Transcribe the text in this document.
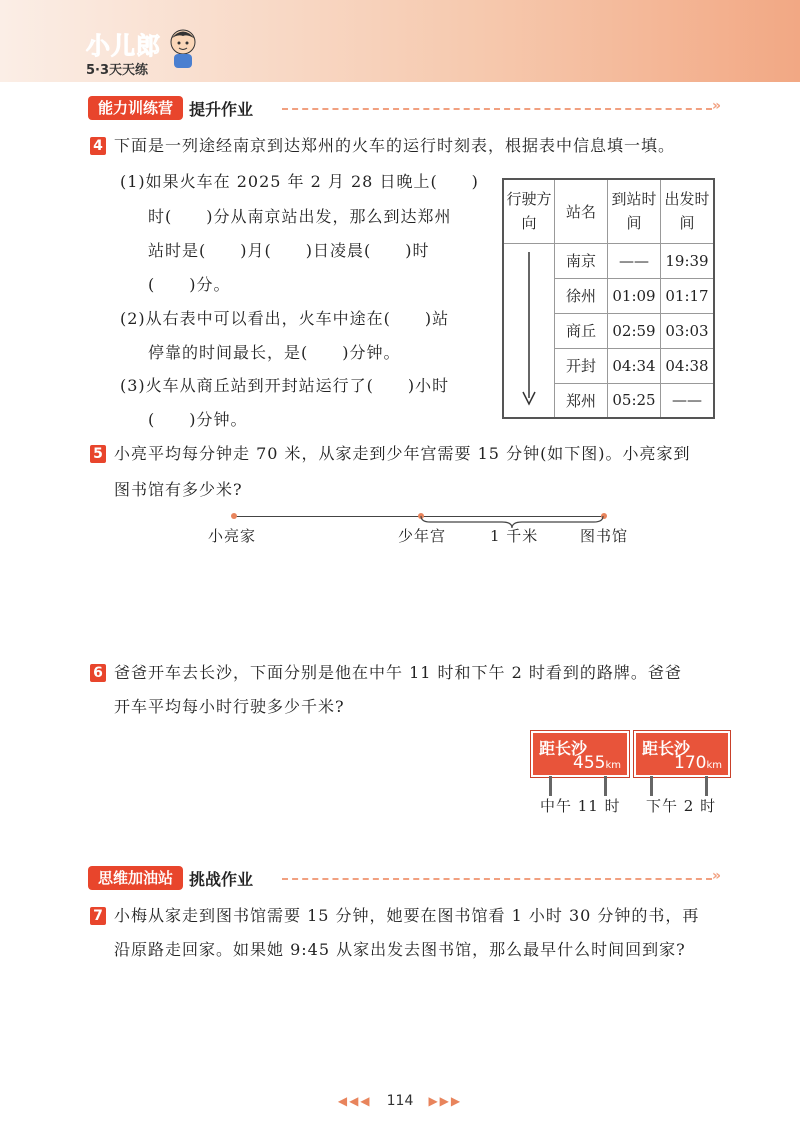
小儿郎
5·3天天练
能力训练营	提升作业	»
4 下面是一列途经南京到达郑州的火车的运行时刻表，根据表中信息填一填。
(1)如果火车在 2025 年 2 月 28 日晚上(　　)
时(　　)分从南京站出发，那么到达郑州
站时是(　　)月(　　)日凌晨(　　)时
(　　)分。
(2)从右表中可以看出，火车中途在(　　)站
停靠的时间最长，是(　　)分钟。
(3)火车从商丘站到开封站运行了(　　)小时
(　　)分钟。
行驶方向	站名	到站时间	出发时间
	南京	——	19:39
	徐州	01:09	01:17
	商丘	02:59	03:03
	开封	04:34	04:38
	郑州	05:25	——
5 小亮平均每分钟走 70 米，从家走到少年宫需要 15 分钟(如下图)。小亮家到
图书馆有多少米?
小亮家	少年宫	1 千米	图书馆
6 爸爸开车去长沙，下面分别是他在中午 11 时和下午 2 时看到的路牌。爸爸
开车平均每小时行驶多少千米?
距长沙
455km
距长沙
170km
中午 11 时 下午 2 时
思维加油站	挑战作业	»
7 小梅从家走到图书馆需要 15 分钟，她要在图书馆看 1 小时 30 分钟的书，再
沿原路走回家。如果她 9:45 从家出发去图书馆，那么最早什么时间回到家?
◀◀◀ 114 ▶▶▶
